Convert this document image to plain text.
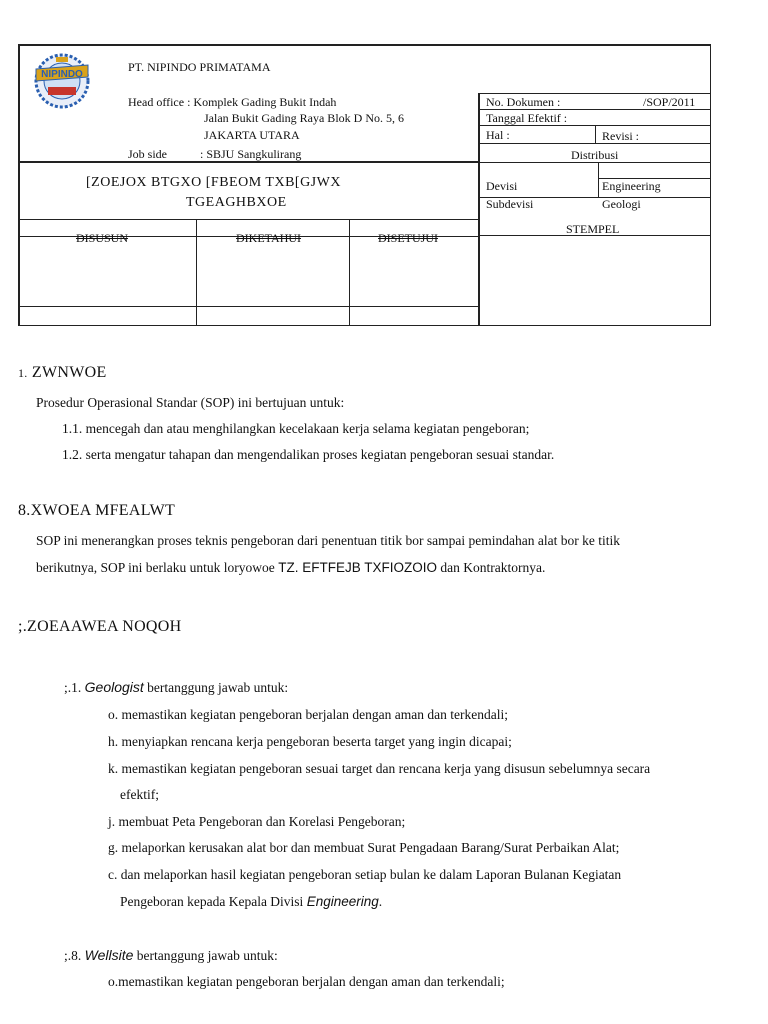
NIPINDO
PT. NIPINDO PRIMATAMA
Head office : Komplek Gading Bukit Indah
Jalan Bukit Gading Raya Blok D No. 5, 6
JAKARTA UTARA
Job side	: SBJU Sangkulirang
[ZOEJOX BTGXO [FBEOM TXB[GJWX
TGEAGHBXOE
DISUSUN	DIKETAHUI	DISETUJUI
No. Dokumen :	/SOP/2011
Tanggal Efektif :
Hal :	Revisi :
Distribusi
Devisi	Engineering
Subdevisi	Geologi
STEMPEL
1. ZWNWOE
Prosedur Operasional Standar (SOP) ini bertujuan untuk:
1.1. mencegah dan atau menghilangkan kecelakaan kerja selama kegiatan pengeboran;
1.2. serta mengatur tahapan dan mengendalikan proses kegiatan pengeboran sesuai standar.
8.XWOEA MFEALWT
SOP ini menerangkan proses teknis pengeboran dari penentuan titik bor sampai pemindahan alat bor ke titik
berikutnya, SOP ini berlaku untuk loryowoe TZ. EFTFEJB TXFIOZOIO dan Kontraktornya.
;.ZOEAAWEA NOQOH
;.1. Geologist bertanggung jawab untuk:
o. memastikan kegiatan pengeboran berjalan dengan aman dan terkendali;
h. menyiapkan rencana kerja pengeboran beserta target yang ingin dicapai;
k. memastikan kegiatan pengeboran sesuai target dan rencana kerja yang disusun sebelumnya secara
efektif;
j. membuat Peta Pengeboran dan Korelasi Pengeboran;
g. melaporkan kerusakan alat bor dan membuat Surat Pengadaan Barang/Surat Perbaikan Alat;
c. dan melaporkan hasil kegiatan pengeboran setiap bulan ke dalam Laporan Bulanan Kegiatan
Pengeboran kepada Kepala Divisi Engineering.
;.8. Wellsite bertanggung jawab untuk:
o.memastikan kegiatan pengeboran berjalan dengan aman dan terkendali;
